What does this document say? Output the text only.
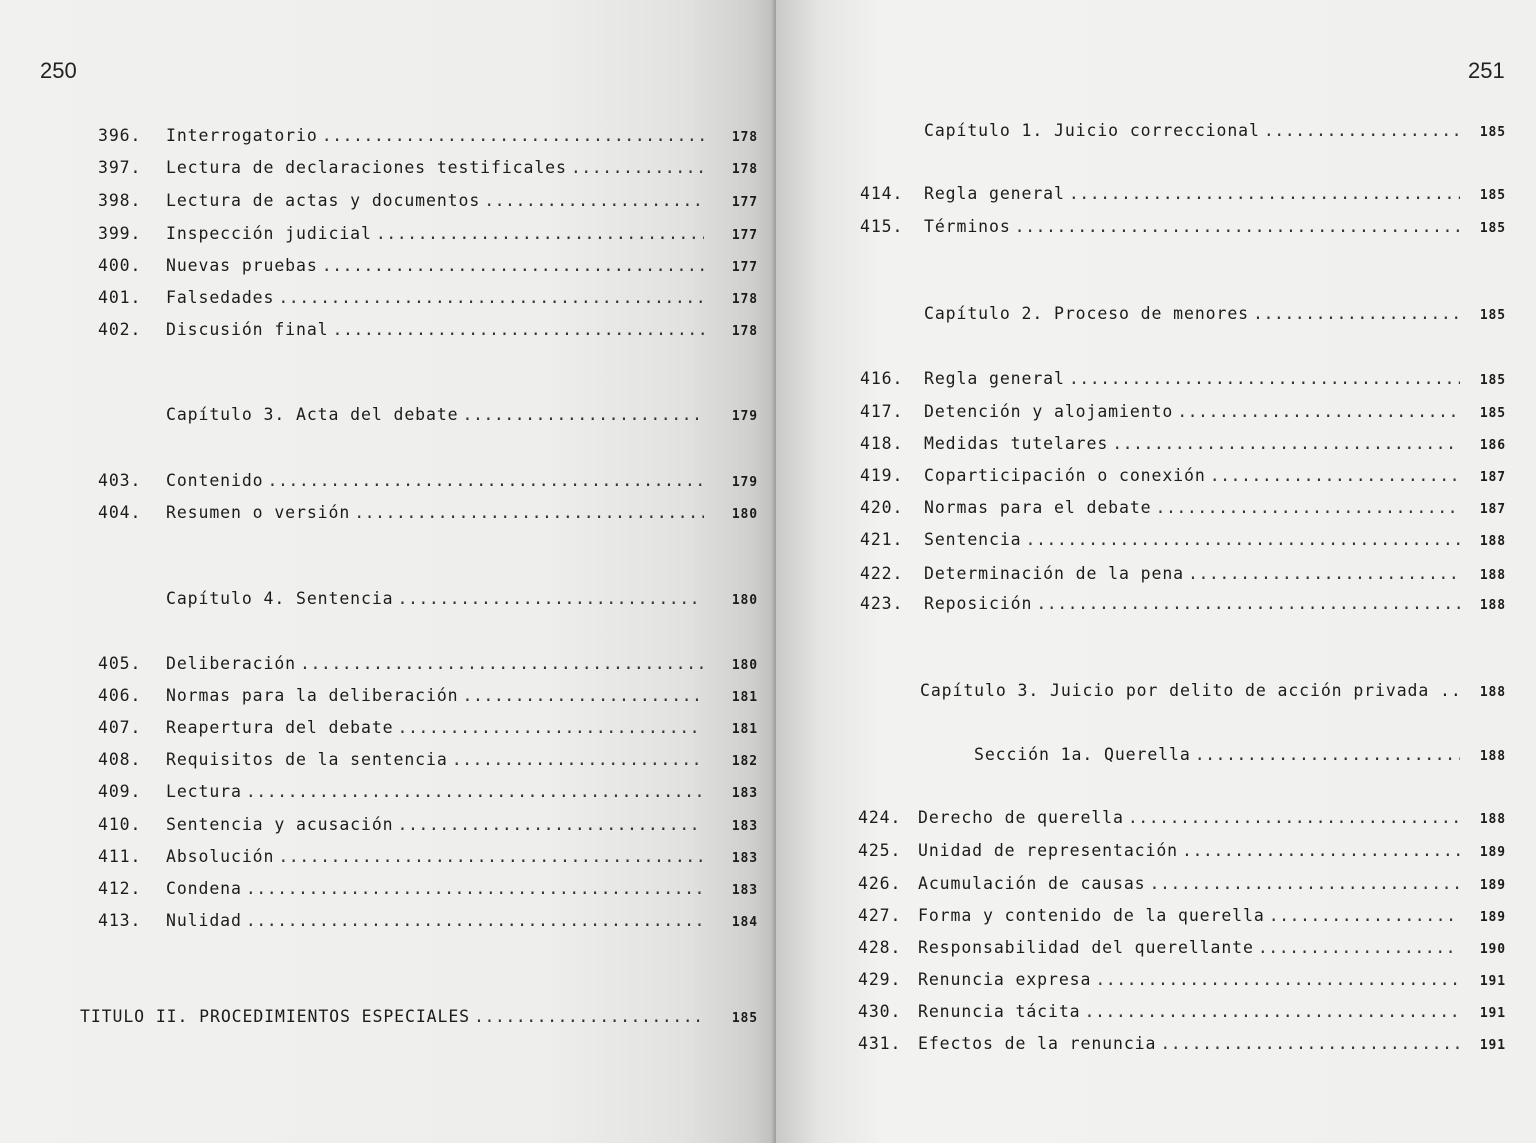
250
396.	Interrogatorio .....	178
397.	Lectura de declaraciones testificales .....	178
398.	Lectura de actas y documentos .....	177
399.	Inspección judicial .....	177
400.	Nuevas pruebas .....	177
401.	Falsedades .....	178
402.	Discusión final .....	178
Capítulo 3. Acta del debate .....	179
403.	Contenido .....	179
404.	Resumen o versión .....	180
Capítulo 4. Sentencia .....	180
405.	Deliberación .....	180
406.	Normas para la deliberación .....	181
407.	Reapertura del debate .....	181
408.	Requisitos de la sentencia .....	182
409.	Lectura .....	183
410.	Sentencia y acusación .....	183
411.	Absolución .....	183
412.	Condena .....	183
413.	Nulidad .....	184
TITULO II. PROCEDIMIENTOS ESPECIALES .....	185
251
Capítulo 1. Juicio correccional .....	185
414.	Regla general .....	185
415.	Términos .....	185
Capítulo 2. Proceso de menores .....	185
416.	Regla general .....	185
417.	Detención y alojamiento .....	185
418.	Medidas tutelares .....	186
419.	Coparticipación o conexión .....	187
420.	Normas para el debate .....	187
421.	Sentencia .....	188
422.	Determinación de la pena .....	188
423.	Reposición .....	188
Capítulo 3. Juicio por delito de acción privada ..	188
Sección 1a. Querella .....	188
424.	Derecho de querella .....	188
425.	Unidad de representación .....	189
426.	Acumulación de causas .....	189
427.	Forma y contenido de la querella .....	189
428.	Responsabilidad del querellante .....	190
429.	Renuncia expresa .....	191
430.	Renuncia tácita .....	191
431.	Efectos de la renuncia .....	191
